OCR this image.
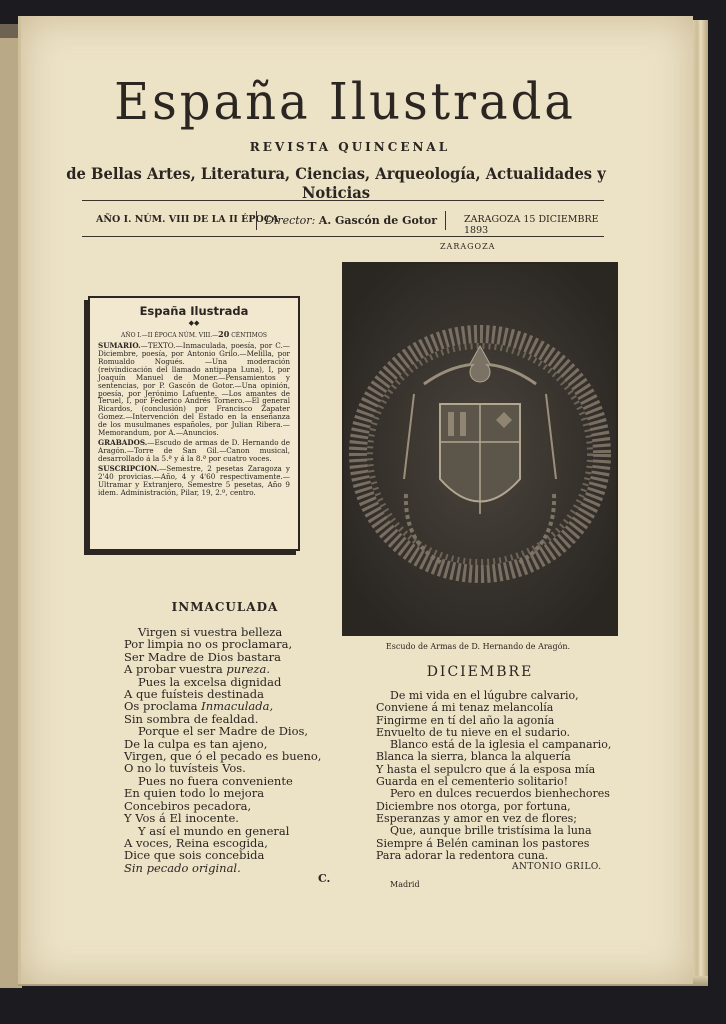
España Ilustrada
REVISTA QUINCENAL
de Bellas Artes, Literatura, Ciencias, Arqueología, Actualidades y Noticias
AÑO I. NÚM. VIII DE LA II ÉPOCA
Director: A. Gascón de Gotor	ZARAGOZA 15 DICIEMBRE 1893
ZARAGOZA
España Ilustrada
◆◆
AÑO I.—II ÉPOCA NÚM. VIII.—20 CÉNTIMOS

SUMARIO.—TEXTO.—Inmaculada, poesía, por C.—Diciembre, poesía, por Antonio Grilo.—Melilla, por Romualdo Nogués. —Una moderación (reivindicación del llamado antipapa Luna), I, por Joaquín Manuel de Moner.—Pensamientos y sentencias, por P. Gascón de Gotor.—Una opinión, poesía, por Jerónimo Lafuente. —Los amantes de Teruel, I, por Federico Andrés Tornero.—El general Ricardos, (conclusión) por Francisco Zapater Gomez.—Intervención del Estado en la enseñanza de los musulmanes españoles, por Julian Ribera.—Memorandum, por A.—Anuncios.

GRABADOS.—Escudo de armas de D. Hernando de Aragón.—Torre de San Gil.—Canon musical, desarrollado á la 5.ª y á la 8.ª por cuatro voces.

SUSCRIPCION.—Semestre, 2 pesetas Zaragoza y 2'40 provicias.—Año, 4 y 4'60 respectivamente.—Ultramar y Extranjero, Semestre 5 pesetas, Año 9 idem. Administración, Pilar, 19, 2.º, centro.

Escudo de Armas de D. Hernando de Aragón.
INMACULADA
Virgen si vuestra belleza
Por limpia no os proclamara,
Ser Madre de Dios bastara
A probar vuestra pureza.
Pues la excelsa dignidad
A que fuísteis destinada
Os proclama Inmaculada,
Sin sombra de fealdad.
Porque el ser Madre de Dios,
De la culpa es tan ajeno,
Virgen, que ó el pecado es bueno,
O no lo tuvísteis Vos.
Pues no fuera conveniente
En quien todo lo mejora
Concebiros pecadora,
Y Vos á El inocente.
Y así el mundo en general
A voces, Reina escogida,
Dice que sois concebida
Sin pecado original.
C.
DICIEMBRE
De mi vida en el lúgubre calvario,
Conviene á mi tenaz melancolía
Fingirme en tí del año la agonía
Envuelto de tu nieve en el sudario.
Blanco está de la iglesia el campanario,
Blanca la sierra, blanca la alquería
Y hasta el sepulcro que á la esposa mía
Guarda en el cementerio solitario!
Pero en dulces recuerdos bienhechores
Diciembre nos otorga, por fortuna,
Esperanzas y amor en vez de flores;
Que, aunque brille tristísima la luna
Siempre á Belén caminan los pastores
Para adorar la redentora cuna.
ANTONIO GRILO.
Madrid
